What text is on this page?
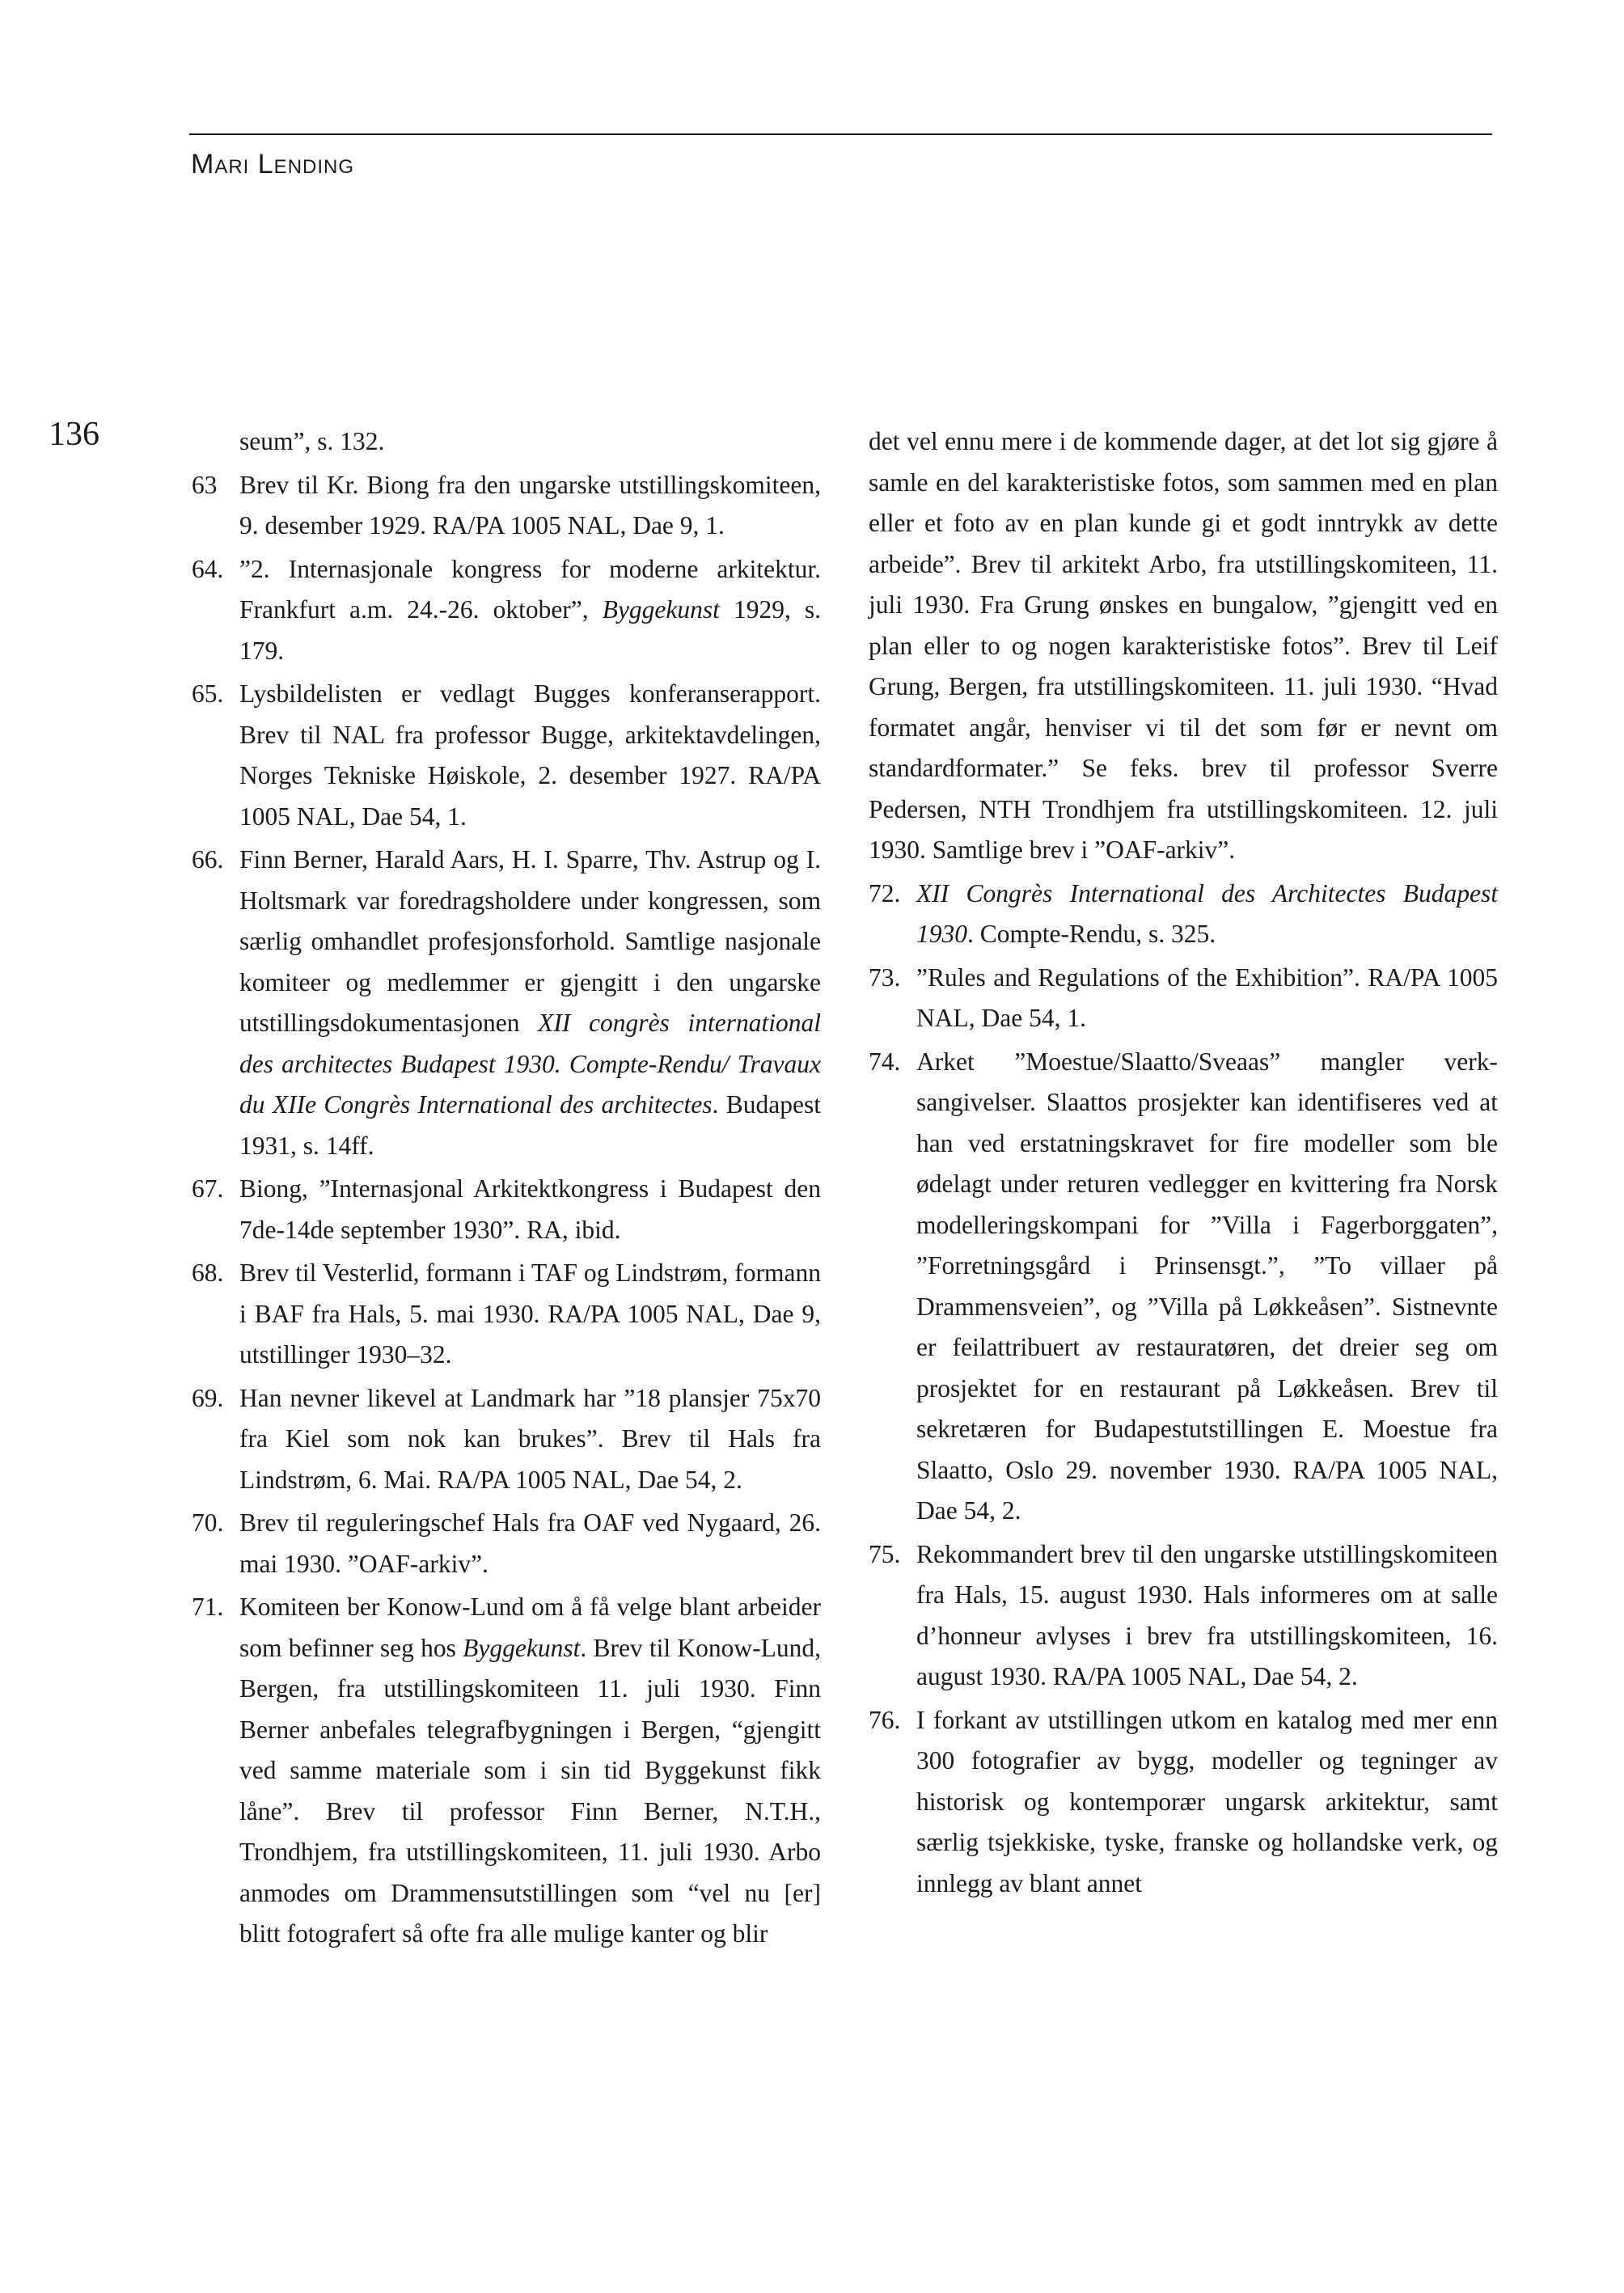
Mari Lending
136	seum”, s. 132.
63 Brev til Kr. Biong fra den ungarske utstillingskomiteen, 9. desember 1929. RA/PA 1005 NAL, Dae 9, 1.
64. ”2. Internasjonale kongress for moderne arkitektur. Frankfurt a.m. 24.-26. oktober”, Byggekunst 1929, s. 179.
65. Lysbildelisten er vedlagt Bugges konferanserapport. Brev til NAL fra professor Bugge, arkitektavdelingen, Norges Tekniske Høiskole, 2. desember 1927. RA/PA 1005 NAL, Dae 54, 1.
66. Finn Berner, Harald Aars, H. I. Sparre, Thv. Astrup og I. Holtsmark var foredragsholdere under kongressen, som særlig omhandlet profesjonsforhold. Samtlige nasjonale komiteer og medlemmer er gjengitt i den ungarske utstillingsdokumentasjonen XII congrès international des architectes Budapest 1930. Compte-Rendu/ Travaux du XIIe Congrès International des architectes. Budapest 1931, s. 14ff.
67. Biong, ”Internasjonal Arkitektkongress i Budapest den 7de-14de september 1930”. RA, ibid.
68. Brev til Vesterlid, formann i TAF og Lindstrøm, formann i BAF fra Hals, 5. mai 1930. RA/PA 1005 NAL, Dae 9, utstillinger 1930–32.
69. Han nevner likevel at Landmark har ”18 plansjer 75x70 fra Kiel som nok kan brukes”. Brev til Hals fra Lindstrøm, 6. Mai. RA/PA 1005 NAL, Dae 54, 2.
70. Brev til reguleringschef Hals fra OAF ved Nygaard, 26. mai 1930. ”OAF-arkiv”.
71. Komiteen ber Konow-Lund om å få velge blant arbeider som befinner seg hos Byggekunst. Brev til Konow-Lund, Bergen, fra utstillingskomiteen 11. juli 1930. Finn Berner anbefales telegrafbygningen i Bergen, “gjengitt ved samme materiale som i sin tid Byggekunst fikk låne”. Brev til professor Finn Berner, N.T.H., Trondhjem, fra utstillingskomiteen, 11. juli 1930. Arbo anmodes om Drammensutstillingen som “vel nu [er] blitt fotografert så ofte fra alle mulige kanter og blir
det vel ennu mere i de kommende dager, at det lot sig gjøre å samle en del karakteristiske fotos, som sammen med en plan eller et foto av en plan kunde gi et godt inntrykk av dette arbeide”. Brev til arkitekt Arbo, fra utstillingskomiteen, 11. juli 1930. Fra Grung ønskes en bungalow, ”gjengitt ved en plan eller to og nogen karakteristiske fotos”. Brev til Leif Grung, Bergen, fra utstillingskomiteen. 11. juli 1930. “Hvad formatet angår, henviser vi til det som før er nevnt om standardformater.” Se feks. brev til professor Sverre Pedersen, NTH Trondhjem fra utstillingskomiteen. 12. juli 1930. Samtlige brev i ”OAF-arkiv”.
72. XII Congrès International des Architectes Budapest 1930. Compte-Rendu, s. 325.
73. ”Rules and Regulations of the Exhibition”. RA/PA 1005 NAL, Dae 54, 1.
74. Arket ”Moestue/Slaatto/Sveaas” mangler verksangivelser. Slaattos prosjekter kan identifiseres ved at han ved erstatningskravet for fire modeller som ble ødelagt under returen vedlegger en kvittering fra Norsk modelleringskompani for ”Villa i Fagerborggaten”, ”Forretningsgård i Prinsensgt.”, ”To villaer på Drammensveien”, og ”Villa på Løkkeåsen”. Sistnevnte er feilattribuert av restauratøren, det dreier seg om prosjektet for en restaurant på Løkkeåsen. Brev til sekretæren for Budapestutstillingen E. Moestue fra Slaatto, Oslo 29. november 1930. RA/PA 1005 NAL, Dae 54, 2.
75. Rekommandert brev til den ungarske utstillingskomiteen fra Hals, 15. august 1930. Hals informeres om at salle d’honneur avlyses i brev fra utstillingskomiteen, 16. august 1930. RA/PA 1005 NAL, Dae 54, 2.
76. I forkant av utstillingen utkom en katalog med mer enn 300 fotografier av bygg, modeller og tegninger av historisk og kontemporær ungarsk arkitektur, samt særlig tsjekkiske, tyske, franske og hollandske verk, og innlegg av blant annet
